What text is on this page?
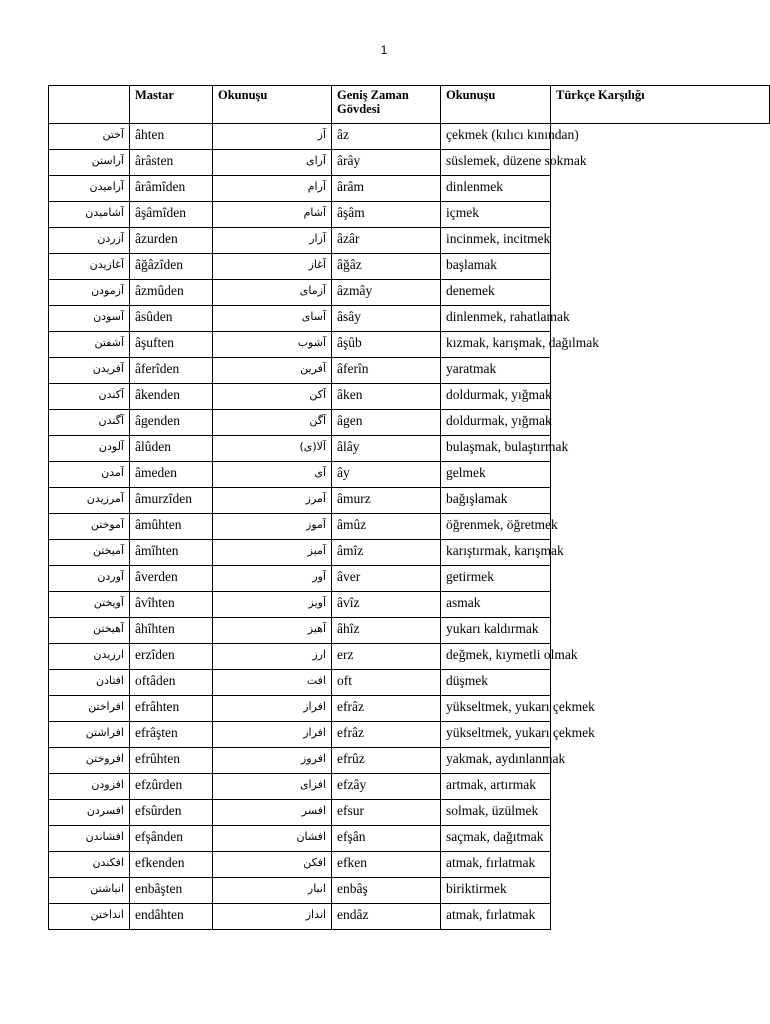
1
	Mastar	Okunuşu	Geniş Zaman Gövdesi	Okunuşu	Türkçe Karşılığı
آختن	âhten	آز	âz	çekmek (kılıcı kınından)	
آراستن	ârâsten	آرای	ârây	süslemek, düzene sokmak	
آرامیدن	ârâmîden	آرام	ârâm	dinlenmek	
آشامیدن	âşâmîden	آشام	âşâm	içmek	
آزردن	âzurden	آزار	âzâr	incinmek, incitmek	
آغازیدن	âğâzîden	آغاز	âğâz	başlamak	
آزمودن	âzmûden	آزمای	âzmây	denemek	
آسودن	âsûden	آسای	âsây	dinlenmek, rahatlamak	
آشفتن	âşuften	آشوب	âşûb	kızmak, karışmak, dağılmak	
آفریدن	âferîden	آفرین	âferîn	yaratmak	
آکندن	âkenden	آکن	âken	doldurmak, yığmak	
آگندن	âgenden	آگن	âgen	doldurmak, yığmak	
آلودن	âlûden	آلا(ی)	âlây	bulaşmak, bulaştırmak	
آمدن	âmeden	آی	ây	gelmek	
آمرزیدن	âmurzîden	آمرز	âmurz	bağışlamak	
آموختن	âmûhten	آموز	âmûz	öğrenmek, öğretmek	
آمیختن	âmîhten	آمیز	âmîz	karıştırmak, karışmak	
آوردن	âverden	آور	âver	getirmek	
آویختن	âvîhten	آویز	âvîz	asmak	
آهیختن	âhîhten	آهیز	âhîz	yukarı kaldırmak	
ارزیدن	erzîden	ارز	erz	değmek, kıymetli olmak	
افتادن	oftâden	افت	oft	düşmek	
افراختن	efrâhten	افراز	efrâz	yükseltmek, yukarı çekmek	
افراشتن	efrâşten	افراز	efrâz	yükseltmek, yukarı çekmek	
افروختن	efrûhten	افروز	efrûz	yakmak, aydınlanmak	
افزودن	efzûrden	افزای	efzây	artmak, artırmak	
افسردن	efsûrden	افسر	efsur	solmak, üzülmek	
افشاندن	efşânden	افشان	efşân	saçmak, dağıtmak	
افکندن	efkenden	افکن	efken	atmak, fırlatmak	
انباشتن	enbâşten	انبار	enbâş	biriktirmek	
انداختن	endâhten	انداز	endâz	atmak, fırlatmak	
